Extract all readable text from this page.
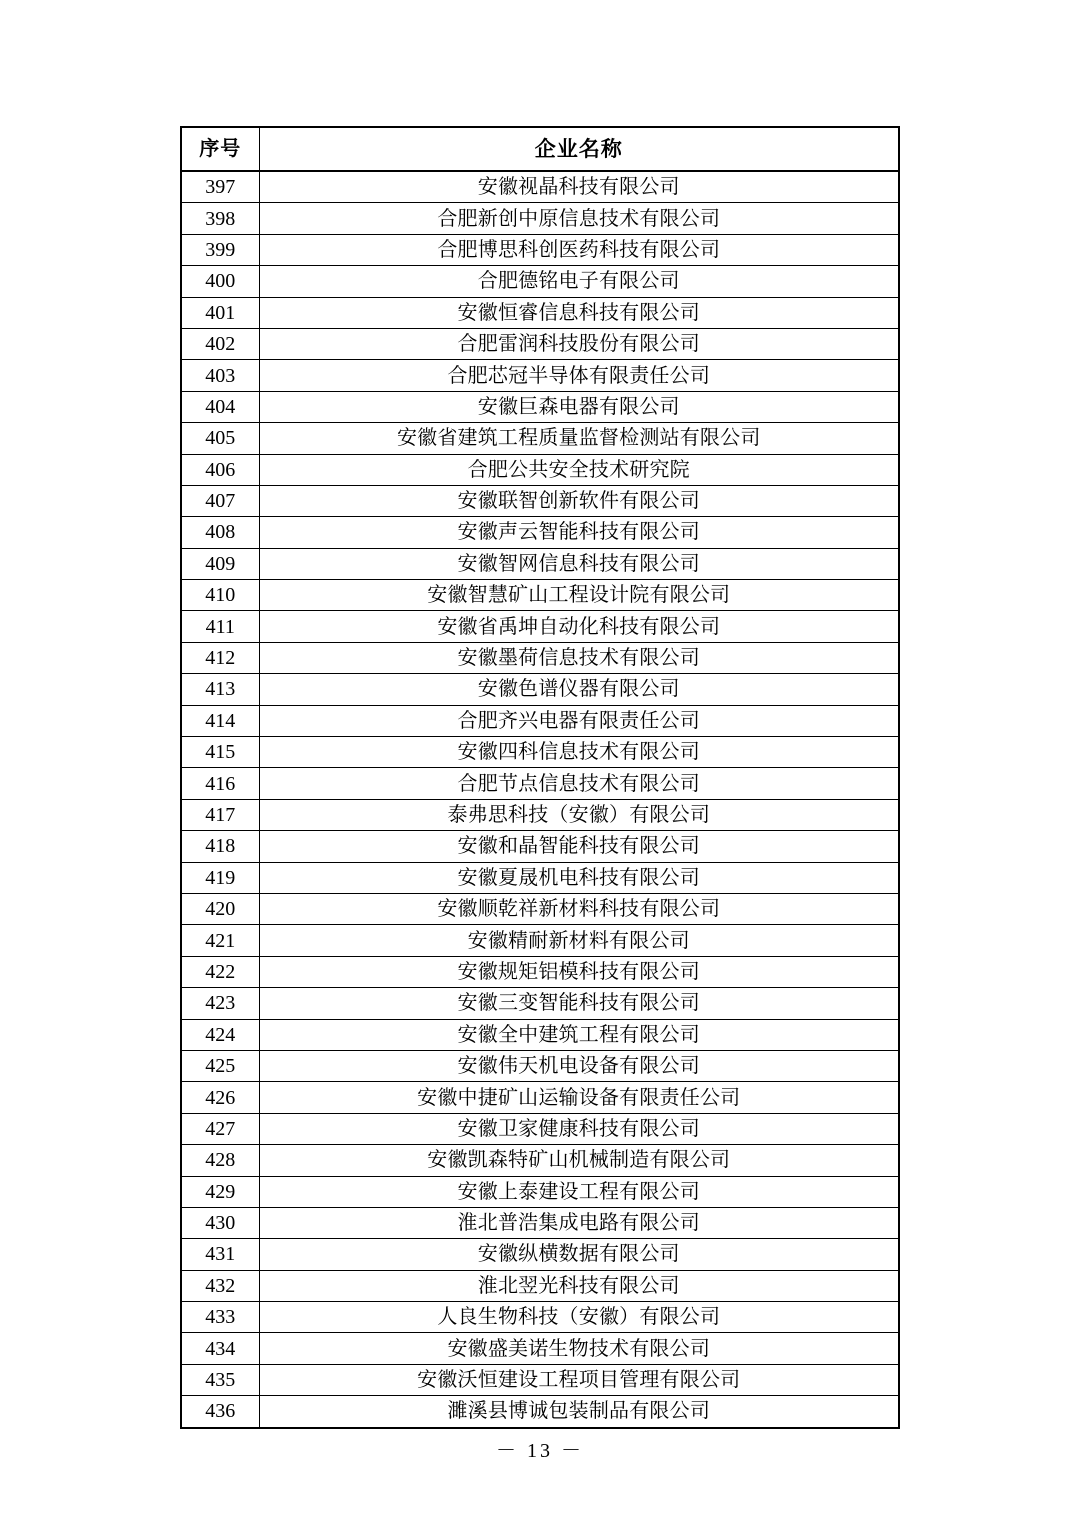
序号	企业名称
397	安徽视晶科技有限公司
398	合肥新创中原信息技术有限公司
399	合肥博思科创医药科技有限公司
400	合肥德铭电子有限公司
401	安徽恒睿信息科技有限公司
402	合肥雷润科技股份有限公司
403	合肥芯冠半导体有限责任公司
404	安徽巨森电器有限公司
405	安徽省建筑工程质量监督检测站有限公司
406	合肥公共安全技术研究院
407	安徽联智创新软件有限公司
408	安徽声云智能科技有限公司
409	安徽智网信息科技有限公司
410	安徽智慧矿山工程设计院有限公司
411	安徽省禹坤自动化科技有限公司
412	安徽墨荷信息技术有限公司
413	安徽色谱仪器有限公司
414	合肥齐兴电器有限责任公司
415	安徽四科信息技术有限公司
416	合肥节点信息技术有限公司
417	泰弗思科技（安徽）有限公司
418	安徽和晶智能科技有限公司
419	安徽夏晟机电科技有限公司
420	安徽顺乾祥新材料科技有限公司
421	安徽精耐新材料有限公司
422	安徽规矩铝模科技有限公司
423	安徽三变智能科技有限公司
424	安徽全中建筑工程有限公司
425	安徽伟天机电设备有限公司
426	安徽中捷矿山运输设备有限责任公司
427	安徽卫家健康科技有限公司
428	安徽凯森特矿山机械制造有限公司
429	安徽上泰建设工程有限公司
430	淮北普浩集成电路有限公司
431	安徽纵横数据有限公司
432	淮北翌光科技有限公司
433	人良生物科技（安徽）有限公司
434	安徽盛美诺生物技术有限公司
435	安徽沃恒建设工程项目管理有限公司
436	濉溪县博诚包装制品有限公司
－ 13 －
